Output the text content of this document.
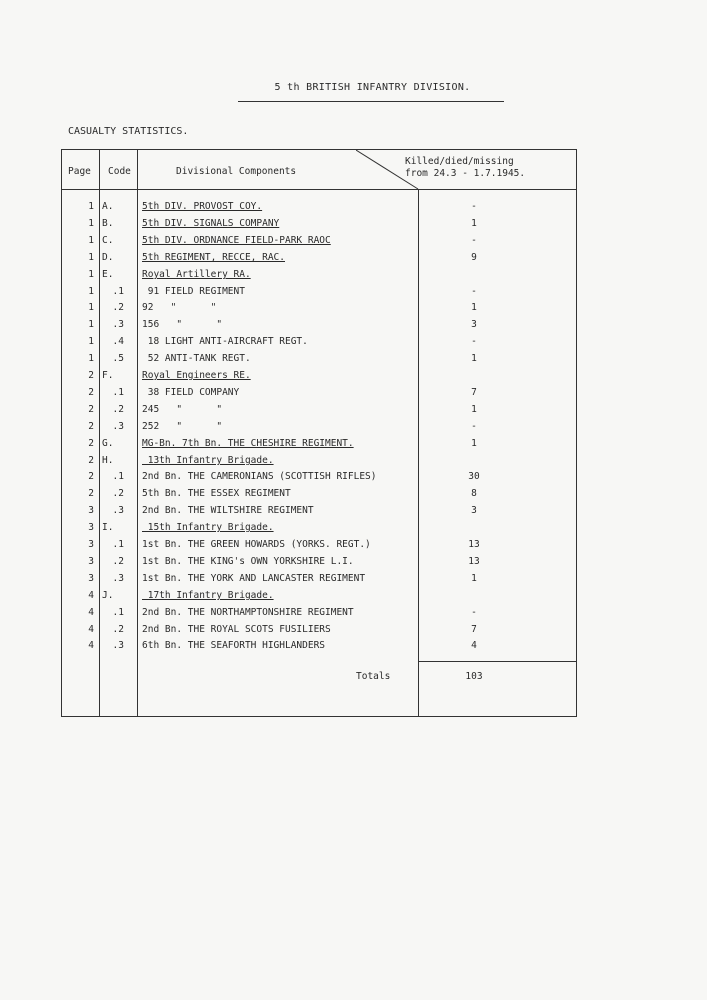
5 th BRITISH INFANTRY DIVISION.
CASUALTY STATISTICS.
Page Code	Divisional Components
Killed/died/missing
from 24.3 - 1.7.1945.
1 A.	5th DIV. PROVOST COY.	-
1 B.	5th DIV. SIGNALS COMPANY	1
1 C.	5th DIV. ORDNANCE FIELD-PARK RAOC	-
1 D.	5th REGIMENT, RECCE, RAC.	9
1 E.	Royal Artillery RA.
1	.1 91 FIELD REGIMENT	-
1	.2 92   "      "	1
1	.3 156   "      "	3
1	.4 18 LIGHT ANTI-AIRCRAFT REGT.	-
1	.5 52 ANTI-TANK REGT.	1
2 F.	Royal Engineers RE.
2	.1 38 FIELD COMPANY	7
2	.2 245   "      "	1
2	.3 252   "      "	-
2 G.	MG-Bn. 7th Bn. THE CHESHIRE REGIMENT.	1
2 H.	13th Infantry Brigade.
2	.1 2nd Bn. THE CAMERONIANS (SCOTTISH RIFLES)	30
2	.2 5th Bn. THE ESSEX REGIMENT	8
3	.3 2nd Bn. THE WILTSHIRE REGIMENT	3
3 I.	15th Infantry Brigade.
3	.1 1st Bn. THE GREEN HOWARDS (YORKS. REGT.)	13
3	.2 1st Bn. THE KING's OWN YORKSHIRE L.I.	13
3	.3 1st Bn. THE YORK AND LANCASTER REGIMENT	1
4 J.	17th Infantry Brigade.
4	.1 2nd Bn. THE NORTHAMPTONSHIRE REGIMENT	-
4	.2 2nd Bn. THE ROYAL SCOTS FUSILIERS	7
4	.3 6th Bn. THE SEAFORTH HIGHLANDERS	4
Totals	103
